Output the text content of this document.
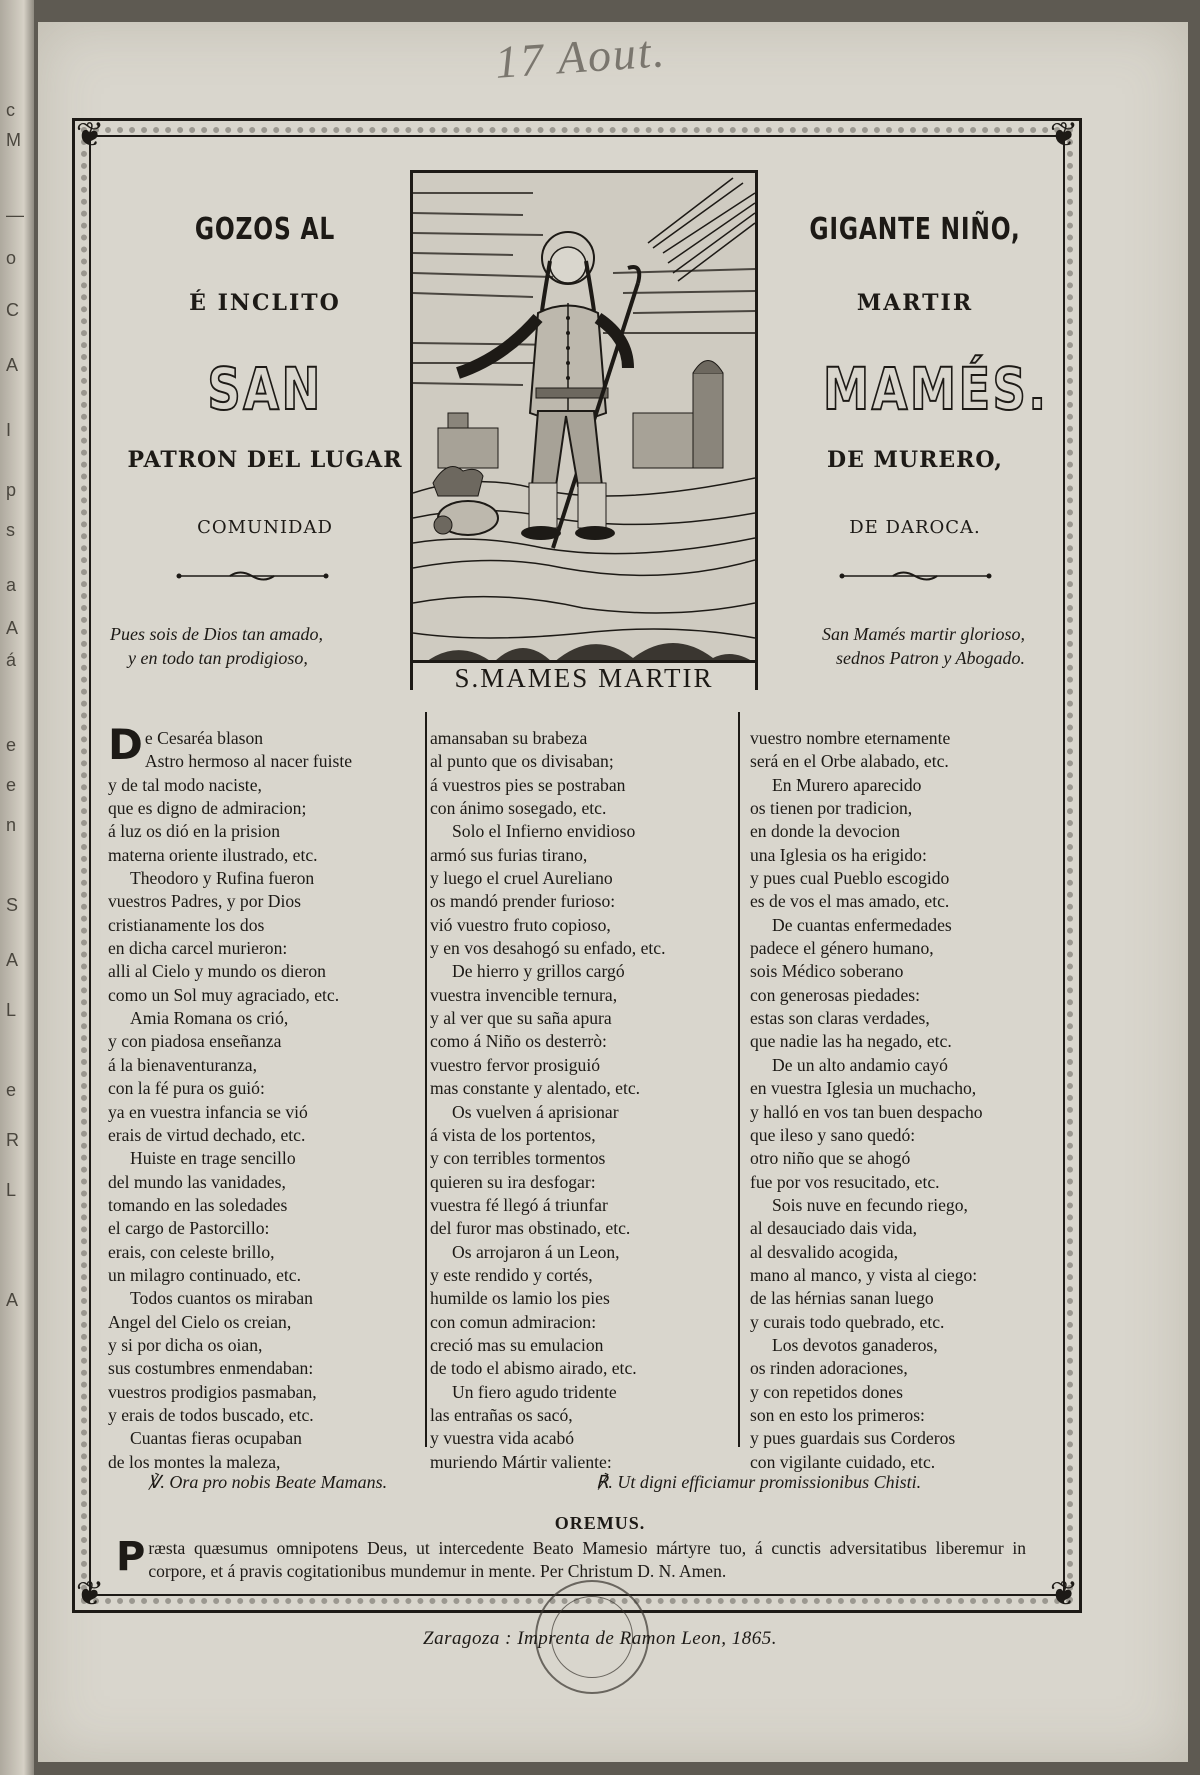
c
M
—
o
C
A
I
p
s
a
A
á
e
e
n
S
A
L
e
R
L
A
17 Aout.
❦	❦
❦	❦
GOZOS AL
É INCLITO
SAN
PATRON DEL LUGAR
COMUNIDAD
GIGANTE NIÑO,
MARTIR
MAMÉS.
DE MURERO,
DE DAROCA.
S.MAMES MARTIR
Pues sois de Dios tan amado,
y en todo tan prodigioso,
San Mamés martir glorioso,
sednos Patron y Abogado.
De Cesaréa blason
Astro hermoso al nacer fuiste
y de tal modo naciste,
que es digno de admiracion;
á luz os dió en la prision
materna oriente ilustrado, etc.
Theodoro y Rufina fueron
vuestros Padres, y por Dios
cristianamente los dos
en dicha carcel murieron:
alli al Cielo y mundo os dieron
como un Sol muy agraciado, etc.
Amia Romana os crió,
y con piadosa enseñanza
á la bienaventuranza,
con la fé pura os guió:
ya en vuestra infancia se vió
erais de virtud dechado, etc.
Huiste en trage sencillo
del mundo las vanidades,
tomando en las soledades
el cargo de Pastorcillo:
erais, con celeste brillo,
un milagro continuado, etc.
Todos cuantos os miraban
Angel del Cielo os creian,
y si por dicha os oian,
sus costumbres enmendaban:
vuestros prodigios pasmaban,
y erais de todos buscado, etc.
Cuantas fieras ocupaban
de los montes la maleza,
amansaban su brabeza
al punto que os divisaban;
á vuestros pies se postraban
con ánimo sosegado, etc.
Solo el Infierno envidioso
armó sus furias tirano,
y luego el cruel Aureliano
os mandó prender furioso:
vió vuestro fruto copioso,
y en vos desahogó su enfado, etc.
De hierro y grillos cargó
vuestra invencible ternura,
y al ver que su saña apura
como á Niño os desterrò:
vuestro fervor prosiguió
mas constante y alentado, etc.
Os vuelven á aprisionar
á vista de los portentos,
y con terribles tormentos
quieren su ira desfogar:
vuestra fé llegó á triunfar
del furor mas obstinado, etc.
Os arrojaron á un Leon,
y este rendido y cortés,
humilde os lamio los pies
con comun admiracion:
creció mas su emulacion
de todo el abismo airado, etc.
Un fiero agudo tridente
las entrañas os sacó,
y vuestra vida acabó
muriendo Mártir valiente:
vuestro nombre eternamente
será en el Orbe alabado, etc.
En Murero aparecido
os tienen por tradicion,
en donde la devocion
una Iglesia os ha erigido:
y pues cual Pueblo escogido
es de vos el mas amado, etc.
De cuantas enfermedades
padece el género humano,
sois Médico soberano
con generosas piedades:
estas son claras verdades,
que nadie las ha negado, etc.
De un alto andamio cayó
en vuestra Iglesia un muchacho,
y halló en vos tan buen despacho
que ileso y sano quedó:
otro niño que se ahogó
fue por vos resucitado, etc.
Sois nuve en fecundo riego,
al desauciado dais vida,
al desvalido acogida,
mano al manco, y vista al ciego:
de las hérnias sanan luego
y curais todo quebrado, etc.
Los devotos ganaderos,
os rinden adoraciones,
y con repetidos dones
son en esto los primeros:
y pues guardais sus Corderos
con vigilante cuidado, etc.
℣. Ora pro nobis Beate Mamans.	℟. Ut digni efficiamur promissionibus Chisti.
OREMUS.
Præsta quæsumus omnipotens Deus, ut intercedente Beato Mamesio mártyre tuo, á cunctis adversitatibus liberemur in corpore, et á pravis cogitationibus mundemur in mente. Per Christum D. N. Amen.
Zaragoza : Imprenta de Ramon Leon, 1865.
